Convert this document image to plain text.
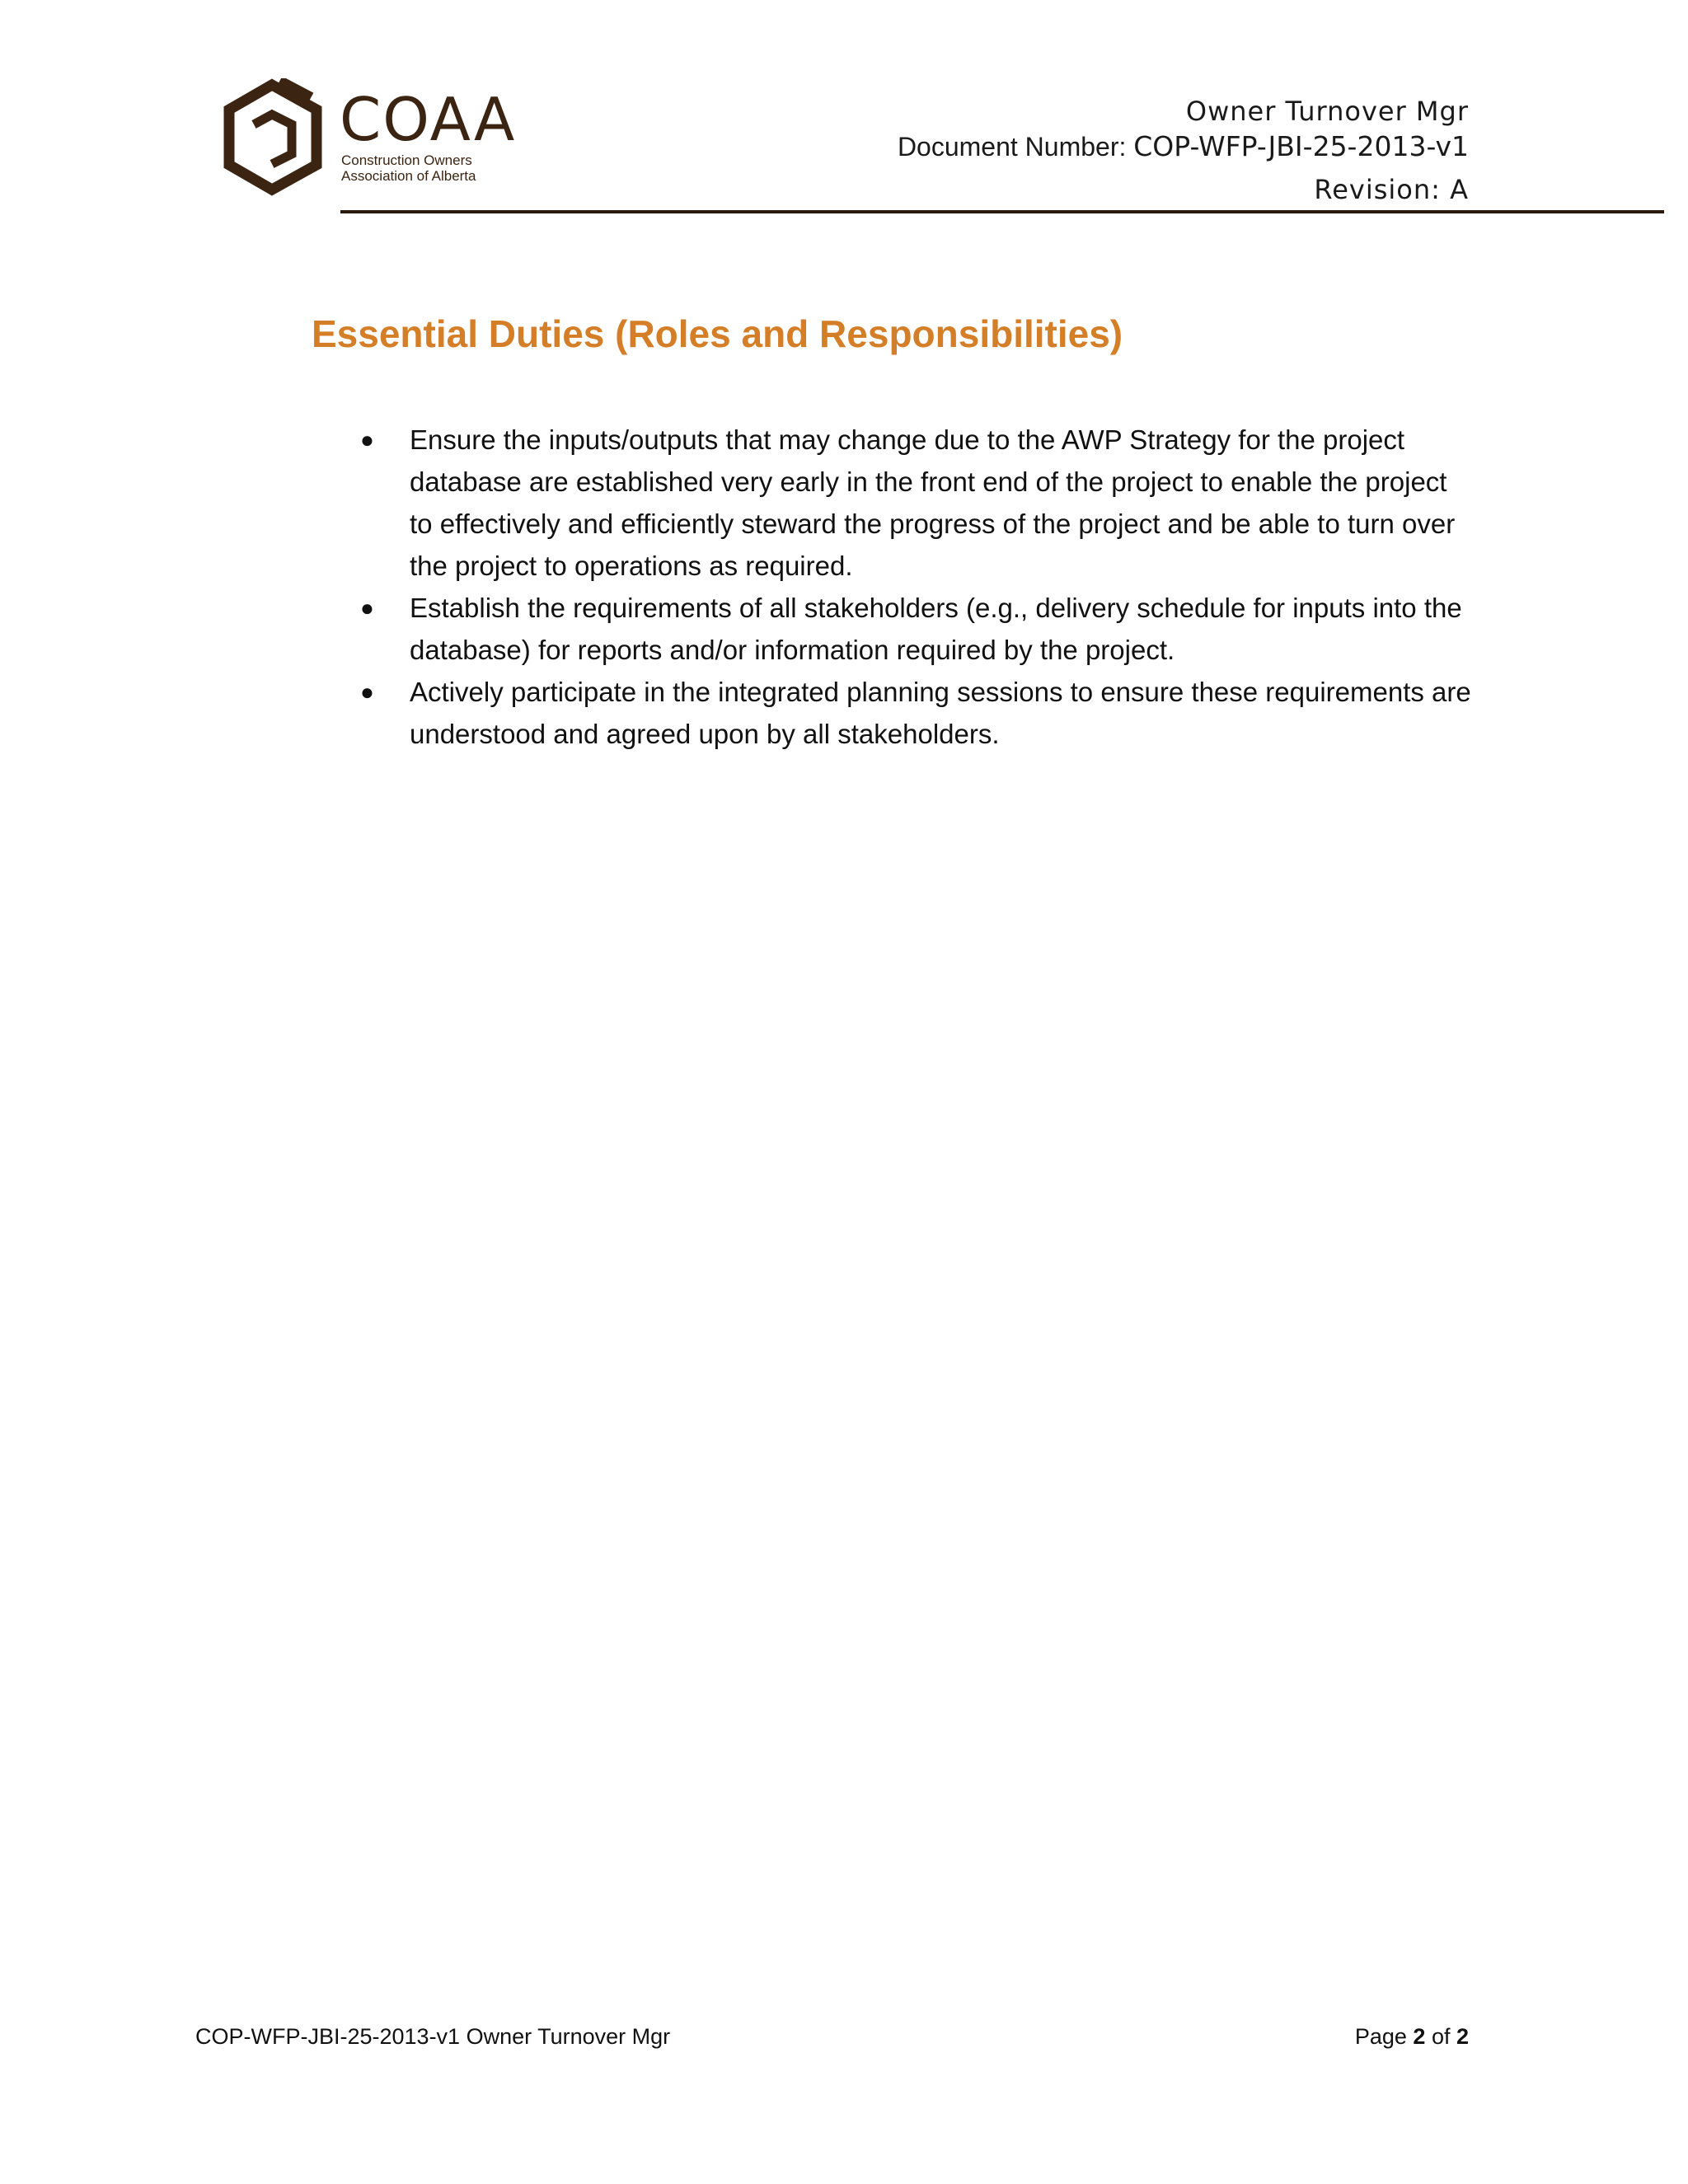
COAA
Construction Owners
Association of Alberta
Owner Turnover Mgr
Document Number: COP-WFP-JBI-25-2013-v1
Revision: A
Essential Duties (Roles and Responsibilities)
●	Ensure the inputs/outputs that may change due to the AWP Strategy for the project database are established very early in the front end of the project to enable the project to effectively and efficiently steward the progress of the project and be able to turn over the project to operations as required.
●	Establish the requirements of all stakeholders (e.g., delivery schedule for inputs into the database) for reports and/or information required by the project.
●	Actively participate in the integrated planning sessions to ensure these requirements are understood and agreed upon by all stakeholders.
COP-WFP-JBI-25-2013-v1 Owner Turnover Mgr	Page 2 of 2
